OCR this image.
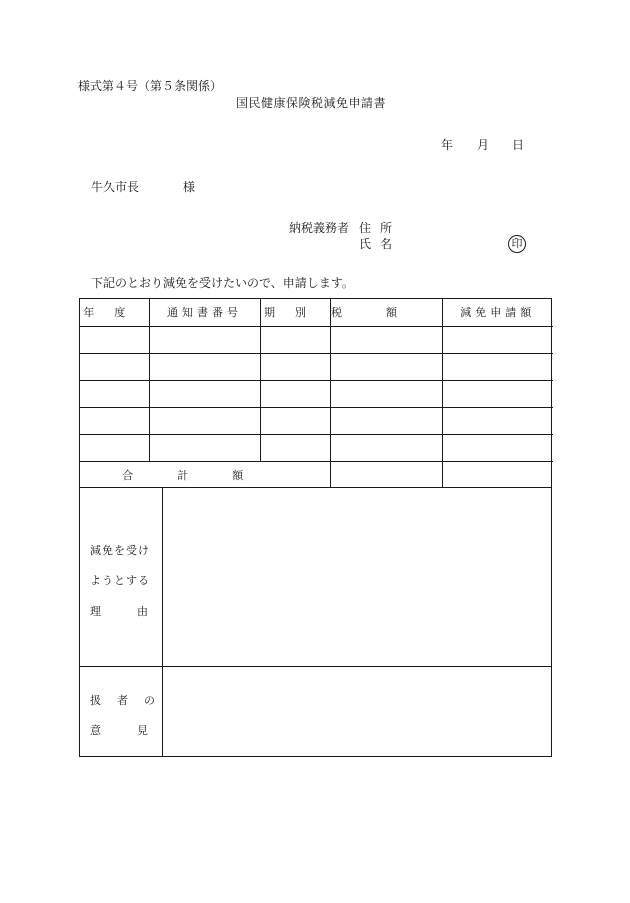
様式第４号（第５条関係）
国民健康保険税減免申請書
年 月 日
牛久市長	様
納税義務者 住所
氏名	印
下記のとおり減免を受けたいので、申請します。
年度	通知書番号	期別	税額	減免申請額

合計額				
減免を受け
ようとする
理由
扱者の
意見
